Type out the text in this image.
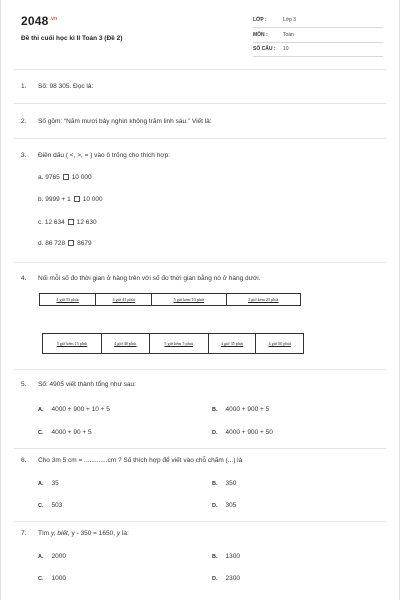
$2048^{.vn}$
Đề thi cuối học kì II Toán 3 (Đề 2)
LỚP :	Lớp 3
MÔN :	Toán
SỐ CÂU : 10
1. Số: 98 305. Đọc là:
2. Số gồm: “Năm mươi bảy nghìn không trăm linh sáu.” Viết là:
3. Điền dấu ( <, >, = ) vào ô trống cho thích hợp:
a. 9765 10 000
b. 9999 + 1 10 000
c. 12 634 12 630
d. 86 728 8679
4. Nối mỗi số đo thời gian ở hàng trên với số đo thời gian bằng nó ở hàng dưới.
4 giờ 55 phút	4 giờ 45 phút	5 giờ kém 10 phút	3 giờ kém 25 phút
5 giờ kém 15 phút	4 giờ 40 phút	5 giờ kém 5 phút	4 giờ 35 phút	4 giờ 50 phút
5. Số: 4905 viết thành tổng như sau:
A. 4000 + 900 + 10 + 5	B. 4000 + 900 + 5
C. 4000 + 90 + 5	D. 4000 + 900 + 50
6. Cho 3m 5 cm = .............cm ? Số thích hợp để viết vào chỗ chấm (...) là
A. 35	B. 350
C. 503	D. 305
7. Tìm y, biết, y - 350 = 1650, y là:
A. 2000	B. 1300
C. 1000	D. 2300
